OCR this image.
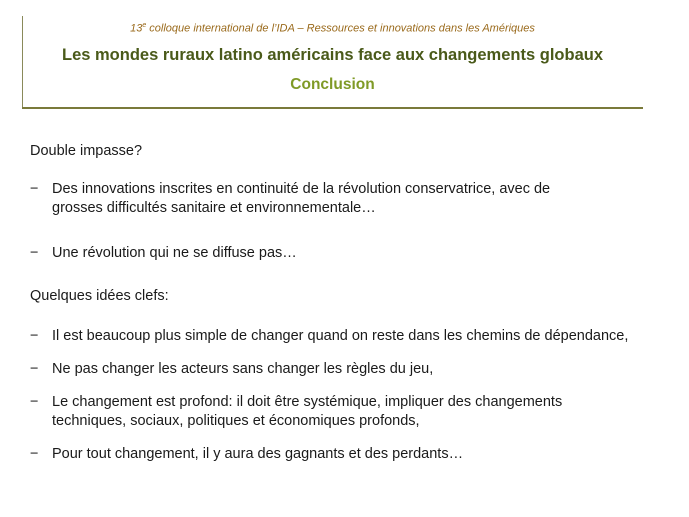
13e colloque international de l’IDA – Ressources et innovations dans les Amériques
Les mondes ruraux latino américains face aux changements globaux
Conclusion
Double impasse?
− Des innovations inscrites en continuité de la révolution conservatrice, avec de
grosses difficultés sanitaire et environnementale…
− Une révolution qui ne se diffuse pas…
Quelques idées clefs:
− Il est beaucoup plus simple de changer quand on reste dans les chemins de dépendance,
− Ne pas changer les acteurs sans changer les règles du jeu,
− Le changement est profond: il doit être systémique, impliquer des changements
techniques, sociaux, politiques et économiques profonds,
− Pour tout changement, il y aura des gagnants et des perdants…
